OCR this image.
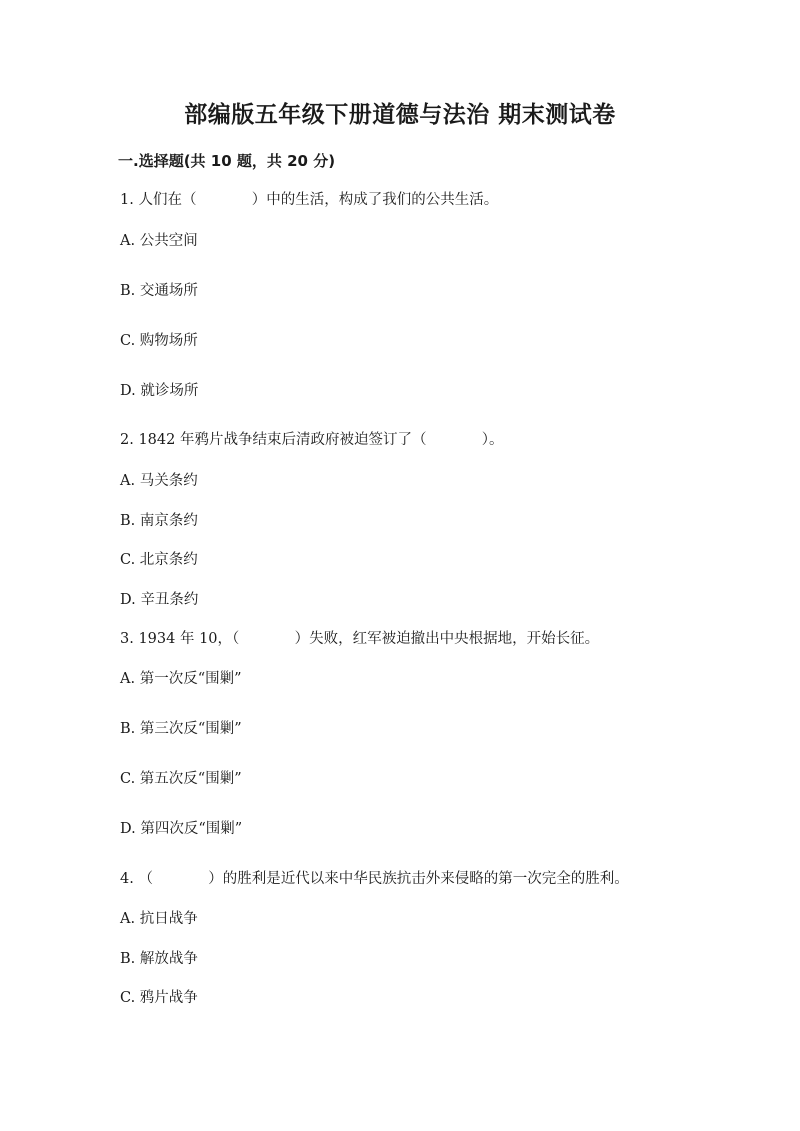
部编版五年级下册道德与法治 期末测试卷
一.选择题(共 10 题，共 20 分)
1. 人们在（            ）中的生活，构成了我们的公共生活。
A. 公共空间
B. 交通场所
C. 购物场所
D. 就诊场所
2. 1842 年鸦片战争结束后清政府被迫签订了（            ）。
A. 马关条约
B. 南京条约
C. 北京条约
D. 辛丑条约
3. 1934 年 10，（            ）失败，红军被迫撤出中央根据地，开始长征。
A. 第一次反“围剿”
B. 第三次反“围剿”
C. 第五次反“围剿”
D. 第四次反“围剿”
4. （            ）的胜利是近代以来中华民族抗击外来侵略的第一次完全的胜利。
A. 抗日战争
B. 解放战争
C. 鸦片战争
